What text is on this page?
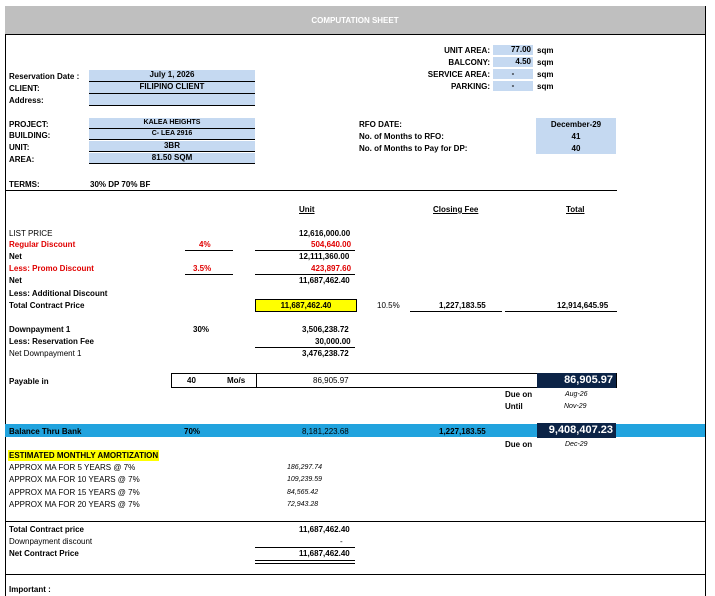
COMPUTATION SHEET
UNIT AREA:	77.00 sqm
BALCONY:	4.50 sqm
SERVICE AREA:	-	sqm
PARKING:	-	sqm
Reservation Date :	July 1, 2026
CLIENT:	FILIPINO CLIENT
Address:
PROJECT:	KALEA HEIGHTS
BUILDING:	C- LEA 2916
UNIT:	3BR
AREA:	81.50 SQM
RFO DATE:	December-29
No. of Months to RFO:	41
No. of Months to Pay for DP:	40
TERMS:	30% DP 70% BF
Unit	Closing Fee	Total
LIST PRICE	12,616,000.00
Regular Discount	4%	504,640.00
Net	12,111,360.00
Less: Promo Discount	3.5%	423,897.60
Net	11,687,462.40
Less: Additional Discount
Total Contract Price	11,687,462.40	10.5%	1,227,183.55	12,914,645.95
Downpayment 1	30%	3,506,238.72
Less: Reservation Fee	30,000.00
Net Downpayment 1	3,476,238.72
Payable in	40	Mo/s	86,905.97	86,905.97
Due on	Aug-26
Until	Nov-29
Balance Thru Bank	70%	8,181,223.68	1,227,183.55	9,408,407.23
Due on	Dec-29
ESTIMATED MONTHLY AMORTIZATION
APPROX MA FOR 5 YEARS @ 7%	186,297.74
APPROX MA FOR 10 YEARS @ 7%	109,239.59
APPROX MA FOR 15 YEARS @ 7%	84,565.42
APPROX MA FOR 20 YEARS @ 7%	72,943.28
Total Contract price	11,687,462.40
Downpayment discount	-
Net Contract Price	11,687,462.40
Important :
